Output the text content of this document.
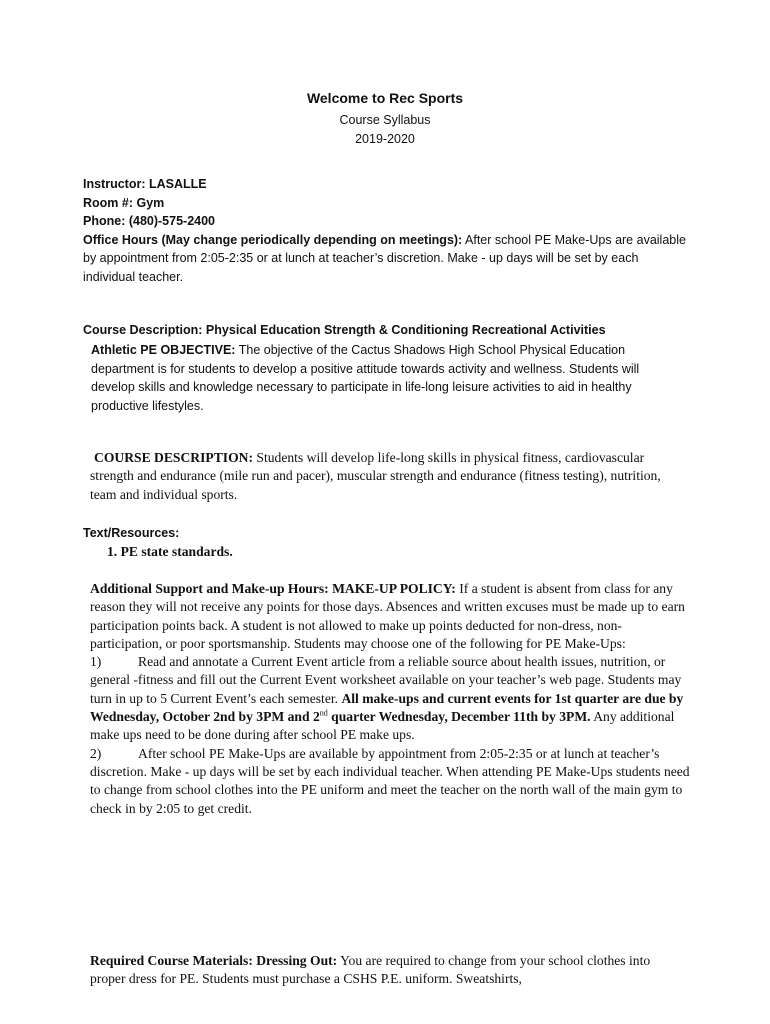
Welcome to Rec Sports
Course Syllabus
2019-2020

Instructor: LASALLE

Room #: Gym

Phone: (480)-575-2400

Office Hours (May change periodically depending on meetings): After school PE Make-Ups are available by appointment from 2:05-2:35 or at lunch at teacher’s discretion. Make - up days will be set by each individual teacher.

Course Description: Physical Education Strength & Conditioning Recreational Activities

Athletic PE OBJECTIVE: The objective of the Cactus Shadows High School Physical Education department is for students to develop a positive attitude towards activity and wellness. Students will develop skills and knowledge necessary to participate in life-long leisure activities to aid in healthy productive lifestyles.

COURSE DESCRIPTION: Students will develop life-long skills in physical fitness, cardiovascular strength and endurance (mile run and pacer), muscular strength and endurance (fitness testing), nutrition, team and individual sports.

Text/Resources:

1. PE state standards.

Additional Support and Make-up Hours: MAKE-UP POLICY: If a student is absent from class for any reason they will not receive any points for those days. Absences and written excuses must be made up to earn participation points back. A student is not allowed to make up points deducted for non-dress, non-participation, or poor sportsmanship. Students may choose one of the following for PE Make-Ups:

1)	Read and annotate a Current Event article from a reliable source about health issues, nutrition, or general -fitness and fill out the Current Event worksheet available on your teacher’s web page. Students may turn in up to 5 Current Event’s each semester. All make-ups and current events for 1st quarter are due by Wednesday, October 2nd by 3PM and 2nd quarter Wednesday, December 11th by 3PM. Any additional make ups need to be done during after school PE make ups.

2)	After school PE Make-Ups are available by appointment from 2:05-2:35 or at lunch at teacher’s discretion. Make - up days will be set by each individual teacher. When attending PE Make-Ups students need to change from school clothes into the PE uniform and meet the teacher on the north wall of the main gym to check in by 2:05 to get credit.

Required Course Materials: Dressing Out: You are required to change from your school clothes into proper dress for PE. Students must purchase a CSHS P.E. uniform. Sweatshirts,
